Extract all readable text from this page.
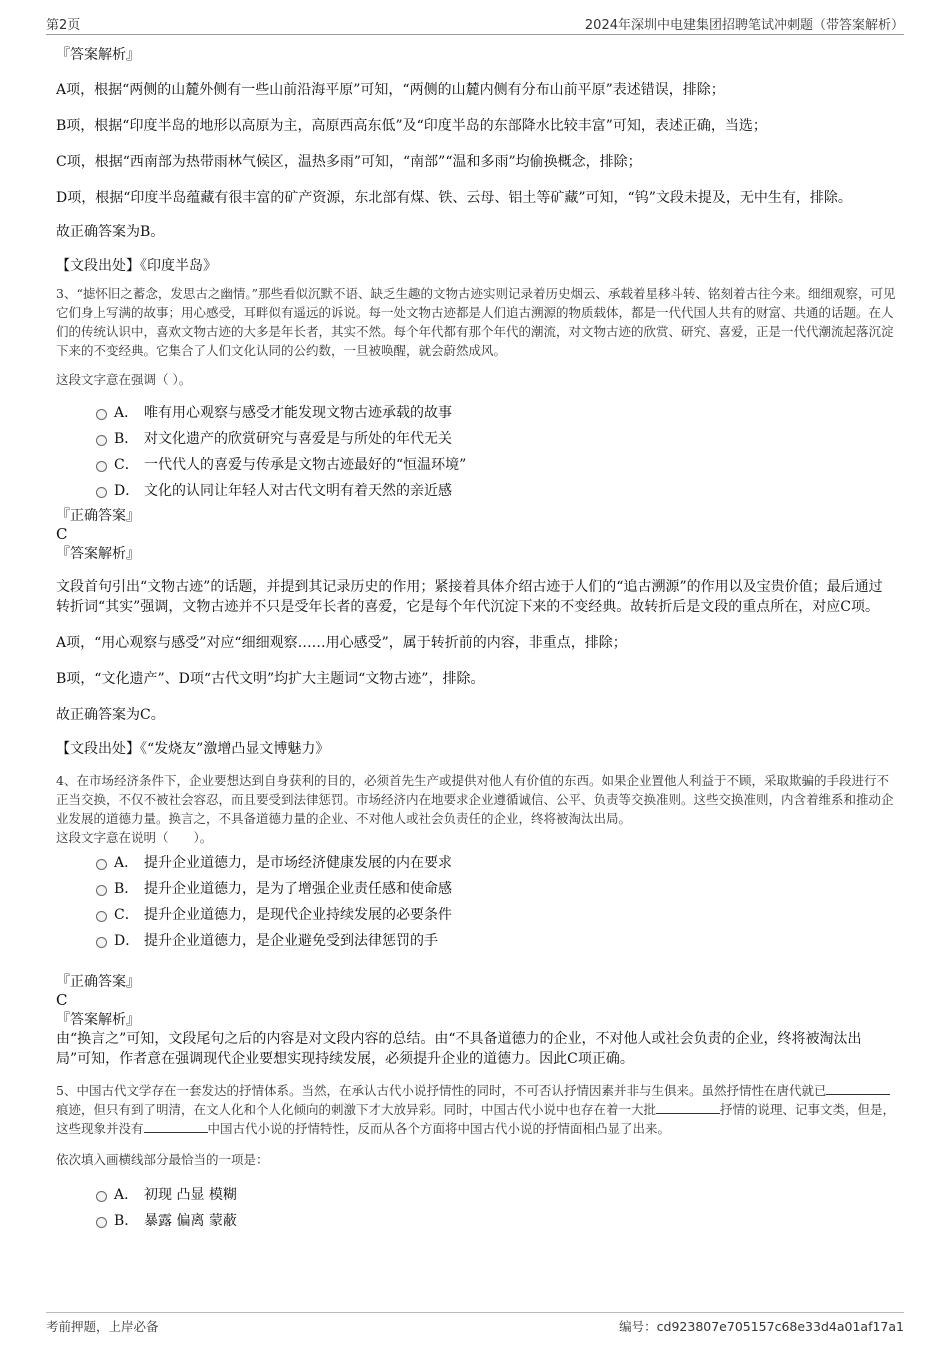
第2页	2024年深圳中电建集团招聘笔试冲刺题（带答案解析）

『答案解析』

A项，根据“两侧的山麓外侧有一些山前沿海平原”可知，“两侧的山麓内侧有分布山前平原”表述错误，排除；

B项，根据“印度半岛的地形以高原为主，高原西高东低”及“印度半岛的东部降水比较丰富”可知，表述正确，当选；

C项，根据“西南部为热带雨林气候区，温热多雨”可知，“南部”“温和多雨”均偷换概念，排除；

D项，根据“印度半岛蕴藏有很丰富的矿产资源，东北部有煤、铁、云母、铝土等矿藏”可知，“钨”文段未提及，无中生有，排除。

故正确答案为B。

【文段出处】《印度半岛》

3、“摅怀旧之蓄念，发思古之幽情。”那些看似沉默不语、缺乏生趣的文物古迹实则记录着历史烟云、承载着星移斗转、铭刻着古往今来。细细观察，可见它们身上写满的故事；用心感受，耳畔似有遥远的诉说。每一处文物古迹都是人们追古溯源的物质载体，都是一代代国人共有的财富、共通的话题。在人们的传统认识中，喜欢文物古迹的大多是年长者，其实不然。每个年代都有那个年代的潮流，对文物古迹的欣赏、研究、喜爱，正是一代代潮流起落沉淀下来的不变经典。它集合了人们文化认同的公约数，一旦被唤醒，就会蔚然成风。

这段文字意在强调（ ）。

A． 唯有用心观察与感受才能发现文物古迹承载的故事
B． 对文化遗产的欣赏研究与喜爱是与所处的年代无关
C． 一代代人的喜爱与传承是文物古迹最好的“恒温环境”
D． 文化的认同让年轻人对古代文明有着天然的亲近感

『正确答案』

C

『答案解析』

文段首句引出“文物古迹”的话题，并提到其记录历史的作用；紧接着具体介绍古迹于人们的“追古溯源”的作用以及宝贵价值；最后通过转折词“其实”强调，文物古迹并不只是受年长者的喜爱，它是每个年代沉淀下来的不变经典。故转折后是文段的重点所在，对应C项。

A项，“用心观察与感受”对应“细细观察……用心感受”，属于转折前的内容，非重点，排除；

B项，“文化遗产”、D项“古代文明”均扩大主题词“文物古迹”，排除。

故正确答案为C。

【文段出处】《“发烧友”激增凸显文博魅力》

4、在市场经济条件下，企业要想达到自身获利的目的，必须首先生产或提供对他人有价值的东西。如果企业置他人利益于不顾，采取欺骗的手段进行不正当交换，不仅不被社会容忍，而且要受到法律惩罚。市场经济内在地要求企业遵循诚信、公平、负责等交换准则。这些交换准则，内含着维系和推动企业发展的道德力量。换言之，不具备道德力量的企业、不对他人或社会负责任的企业，终将被淘汰出局。

这段文字意在说明（　　）。

A． 提升企业道德力，是市场经济健康发展的内在要求
B． 提升企业道德力，是为了增强企业责任感和使命感
C． 提升企业道德力，是现代企业持续发展的必要条件
D． 提升企业道德力，是企业避免受到法律惩罚的手

『正确答案』

C

『答案解析』

由“换言之”可知，文段尾句之后的内容是对文段内容的总结。由“不具备道德力的企业，不对他人或社会负责的企业，终将被淘汰出局”可知，作者意在强调现代企业要想实现持续发展，必须提升企业的道德力。因此C项正确。

5、中国古代文学存在一套发达的抒情体系。当然，在承认古代小说抒情性的同时，不可否认抒情因素并非与生俱来。虽然抒情性在唐代就已痕迹，但只有到了明清，在文人化和个人化倾向的刺激下才大放异彩。同时，中国古代小说中也存在着一大批	抒情的说理、记事文类，但是，这些现象并没有	中国古代小说的抒情特性，反而从各个方面将中国古代小说的抒情面相凸显了出来。

依次填入画横线部分最恰当的一项是：

A． 初现 凸显 模糊
B． 暴露 偏离 蒙蔽
考前押题，上岸必备	编号：cd923807e705157c68e33d4a01af17a1
